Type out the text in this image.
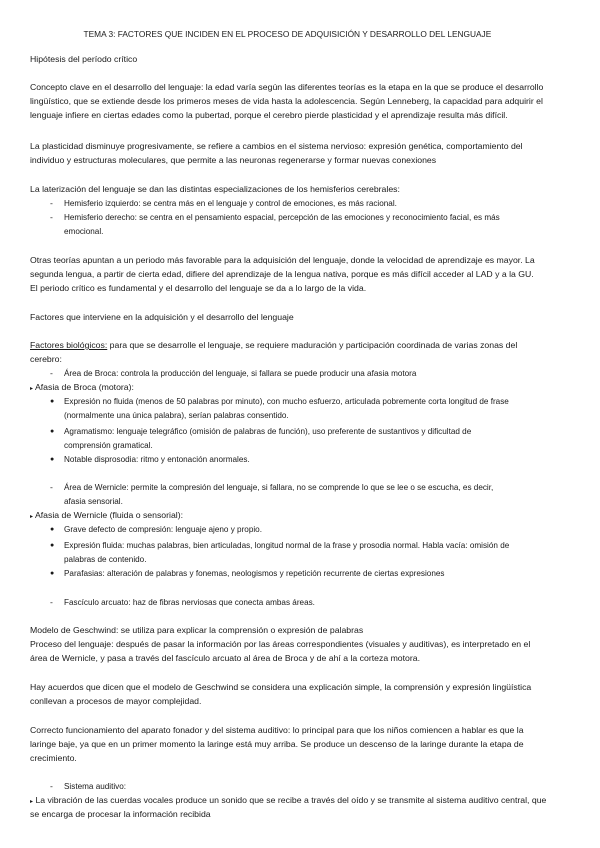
TEMA 3: FACTORES QUE INCIDEN EN EL PROCESO DE ADQUISICIÓN Y DESARROLLO DEL LENGUAJE
Hipótesis del período crítico
Concepto clave en el desarrollo del lenguaje: la edad varía según las diferentes teorías es la etapa en la que se produce el desarrollo
lingüístico, que se extiende desde los primeros meses de vida hasta la adolescencia. Según Lenneberg, la capacidad para adquirir el
lenguaje infiere en ciertas edades como la pubertad, porque el cerebro pierde plasticidad y el aprendizaje resulta más difícil.
La plasticidad disminuye progresivamente, se refiere a cambios en el sistema nervioso: expresión genética, comportamiento del
individuo y estructuras moleculares, que permite a las neuronas regenerarse y formar nuevas conexiones
La laterización del lenguaje se dan las distintas especializaciones de los hemisferios cerebrales:
- Hemisferio izquierdo: se centra más en el lenguaje y control de emociones, es más racional.
- Hemisferio derecho: se centra en el pensamiento espacial, percepción de las emociones y reconocimiento facial, es más
emocional.
Otras teorías apuntan a un periodo más favorable para la adquisición del lenguaje, donde la velocidad de aprendizaje es mayor. La
segunda lengua, a partir de cierta edad, difiere del aprendizaje de la lengua nativa, porque es más difícil acceder al LAD y a la GU.
El periodo crítico es fundamental y el desarrollo del lenguaje se da a lo largo de la vida.
Factores que interviene en la adquisición y el desarrollo del lenguaje
Factores biológicos: para que se desarrolle el lenguaje, se requiere maduración y participación coordinada de varias zonas del
cerebro:
- Área de Broca: controla la producción del lenguaje, si fallara se puede producir una afasia motora
▸ Afasia de Broca (motora):
● Expresión no fluida (menos de 50 palabras por minuto), con mucho esfuerzo, articulada pobremente corta longitud de frase
(normalmente una única palabra), serían palabras consentido.
● Agramatismo: lenguaje telegráfico (omisión de palabras de función), uso preferente de sustantivos y dificultad de
comprensión gramatical.
● Notable disprosodia: ritmo y entonación anormales.
- Área de Wernicle: permite la compresión del lenguaje, si fallara, no se comprende lo que se lee o se escucha, es decir,
afasia sensorial.
▸ Afasia de Wernicle (fluida o sensorial):
● Grave defecto de compresión: lenguaje ajeno y propio.
● Expresión fluida: muchas palabras, bien articuladas, longitud normal de la frase y prosodia normal. Habla vacía: omisión de
palabras de contenido.
● Parafasias: alteración de palabras y fonemas, neologismos y repetición recurrente de ciertas expresiones
- Fascículo arcuato: haz de fibras nerviosas que conecta ambas áreas.
Modelo de Geschwind: se utiliza para explicar la comprensión o expresión de palabras
Proceso del lenguaje: después de pasar la información por las áreas correspondientes (visuales y auditivas), es interpretado en el
área de Wernicle, y pasa a través del fascículo arcuato al área de Broca y de ahí a la corteza motora.
Hay acuerdos que dicen que el modelo de Geschwind se considera una explicación simple, la comprensión y expresión lingüística
conllevan a procesos de mayor complejidad.
Correcto funcionamiento del aparato fonador y del sistema auditivo: lo principal para que los niños comiencen a hablar es que la
laringe baje, ya que en un primer momento la laringe está muy arriba. Se produce un descenso de la laringe durante la etapa de
crecimiento.
- Sistema auditivo:
▸ La vibración de las cuerdas vocales produce un sonido que se recibe a través del oído y se transmite al sistema auditivo central, que
se encarga de procesar la información recibida
